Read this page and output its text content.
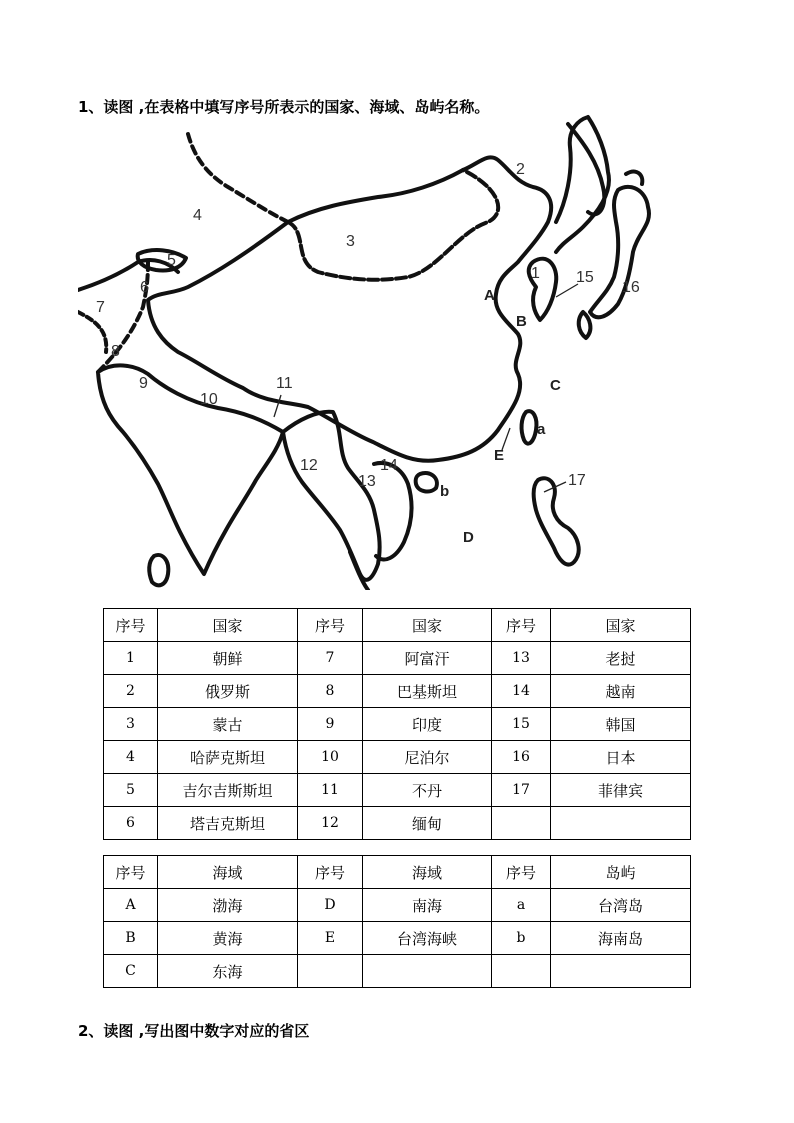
1、读图 ,在表格中填写序号所表示的国家、海域、岛屿名称。
1
2
3
4
5
6
7
8
9
10
11
12
13
14
15
16
17
A
B
C
D
E
a
b
序号	国家	序号	国家	序号	国家
1	朝鲜	7	阿富汗	13	老挝
2	俄罗斯	8	巴基斯坦	14	越南
3	蒙古	9	印度	15	韩国
4	哈萨克斯坦	10	尼泊尔	16	日本
5	吉尔吉斯斯坦	11	不丹	17	菲律宾
6	塔吉克斯坦	12	缅甸		
序号	海域	序号	海域	序号	岛屿
A	渤海	D	南海	a	台湾岛
B	黄海	E	台湾海峡	b	海南岛
C	东海				
2、读图 ,写出图中数字对应的省区
